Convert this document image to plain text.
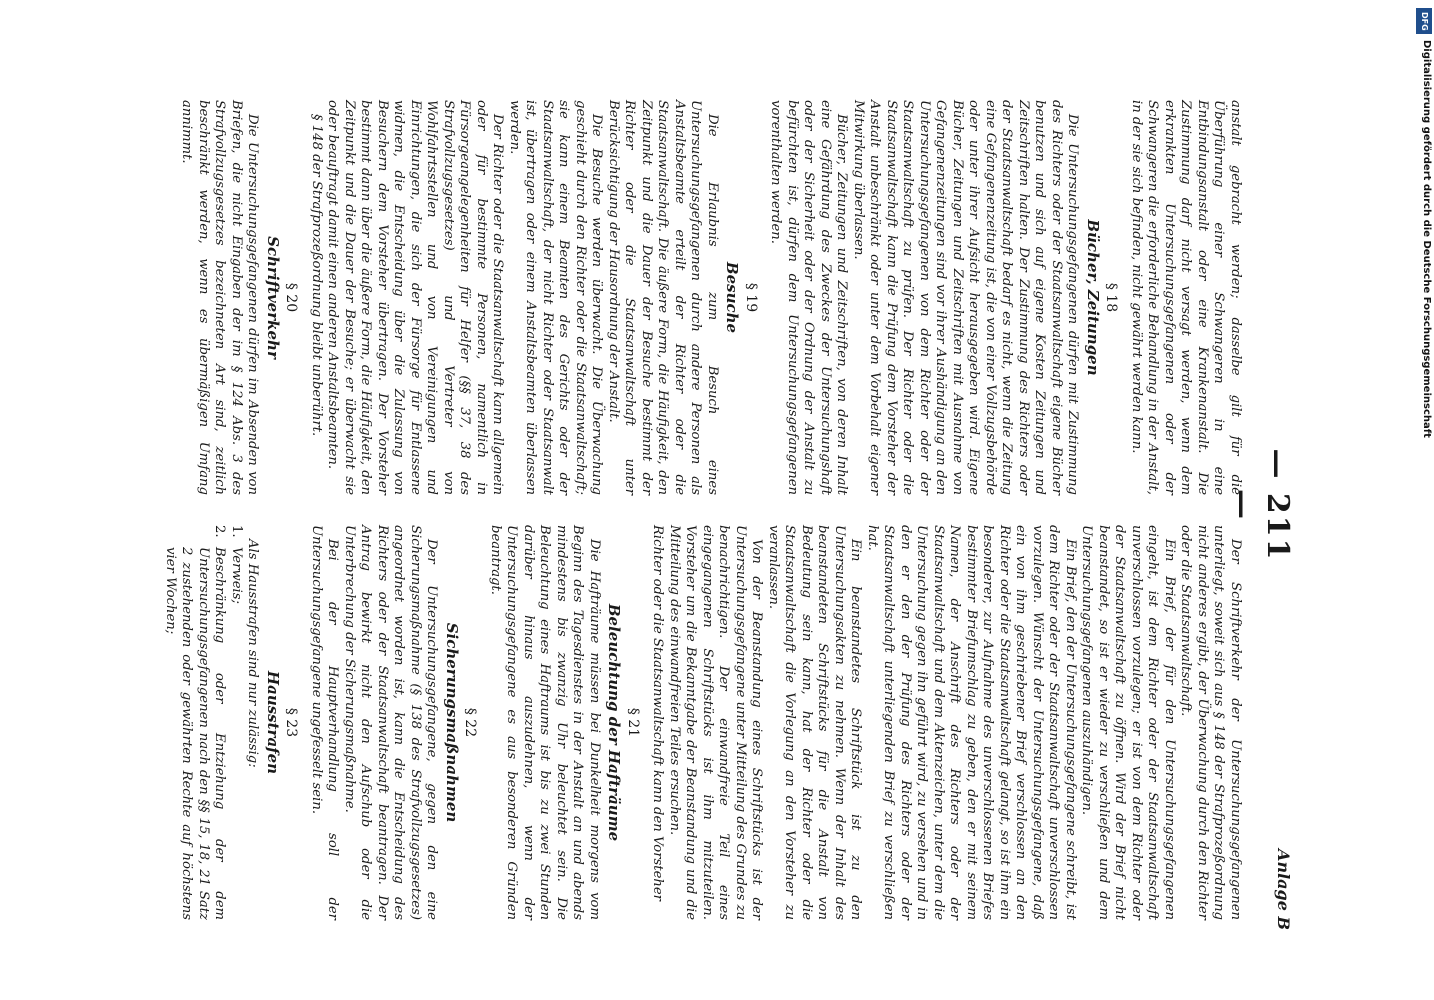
DFG
Digitalisierung gefördert durch die Deutsche Forschungsgemeinschaft
— 211 —
Anlage B

anstalt gebracht werden; dasselbe gilt für die Überführung einer Schwangeren in eine Entbindungsanstalt oder eine Krankenanstalt. Die Zustimmung darf nicht versagt werden, wenn dem erkrankten Untersuchungsgefangenen oder der Schwangeren die erforderliche Behandlung in der Anstalt, in der sie sich befinden, nicht gewährt werden kann.

§ 18
Bücher, Zeitungen

Die Untersuchungsgefangenen dürfen mit Zustimmung des Richters oder der Staatsanwaltschaft eigene Bücher benutzen und sich auf eigene Kosten Zeitungen und Zeitschriften halten. Der Zustimmung des Richters oder der Staatsanwaltschaft bedarf es nicht, wenn die Zeitung eine Gefangenenzeitung ist, die von einer Vollzugsbehörde oder unter ihrer Aufsicht herausgegeben wird. Eigene Bücher, Zeitungen und Zeitschriften mit Ausnahme von Gefangenenzeitungen sind vor ihrer Aushändigung an den Untersuchungsgefangenen von dem Richter oder der Staatsanwaltschaft zu prüfen. Der Richter oder die Staatsanwaltschaft kann die Prüfung dem Vorsteher der Anstalt unbeschränkt oder unter dem Vorbehalt eigener Mitwirkung überlassen.

Bücher, Zeitungen und Zeitschriften, von deren Inhalt eine Gefährdung des Zweckes der Untersuchungshaft oder der Sicherheit oder der Ordnung der Anstalt zu befürchten ist, dürfen dem Untersuchungsgefangenen vorenthalten werden.

§ 19
Besuche

Die Erlaubnis zum Besuch eines Untersuchungsgefangenen durch andere Personen als Anstaltsbeamte erteilt der Richter oder die Staatsanwaltschaft. Die äußere Form, die Häufigkeit, den Zeitpunkt und die Dauer der Besuche bestimmt der Richter oder die Staatsanwaltschaft unter Berücksichtigung der Hausordnung der Anstalt.

Die Besuche werden überwacht. Die Überwachung geschieht durch den Richter oder die Staatsanwaltschaft; sie kann einem Beamten des Gerichts oder der Staatsanwaltschaft, der nicht Richter oder Staatsanwalt ist, übertragen oder einem Anstaltsbeamten überlassen werden.

Der Richter oder die Staatsanwaltschaft kann allgemein oder für bestimmte Personen, namentlich in Fürsorgeangelegenheiten für Helfer (§§ 37, 38 des Strafvollzugsgesetzes) und Vertreter von Wohlfahrtsstellen und von Vereinigungen und Einrichtungen, die sich der Fürsorge für Entlassene widmen, die Entscheidung über die Zulassung von Besuchern dem Vorsteher übertragen. Der Vorsteher bestimmt dann über die äußere Form, die Häufigkeit, den Zeitpunkt und die Dauer der Besuche; er überwacht sie oder beauftragt damit einen anderen Anstaltsbeamten.

§ 148 der Strafprozeßordnung bleibt unberührt.

§ 20
Schriftverkehr

Die Untersuchungsgefangenen dürfen im Absenden von Briefen, die nicht Eingaben der im § 124 Abs. 3 des Strafvollzugsgesetzes bezeichneten Art sind, zeitlich beschränkt werden, wenn es übermäßigen Umfang annimmt.

Der Schriftverkehr der Untersuchungsgefangenen unterliegt, soweit sich aus § 148 der Strafprozeßordnung nicht anderes ergibt, der Überwachung durch den Richter oder die Staatsanwaltschaft.

Ein Brief, der für den Untersuchungsgefangenen eingeht, ist dem Richter oder der Staatsanwaltschaft unverschlossen vorzulegen; er ist von dem Richter oder der Staatsanwaltschaft zu öffnen. Wird der Brief nicht beanstandet, so ist er wieder zu verschließen und dem Untersuchungsgefangenen auszuhändigen.

Ein Brief, den der Untersuchungsgefangene schreibt, ist dem Richter oder der Staatsanwaltschaft unverschlossen vorzulegen. Wünscht der Untersuchungsgefangene, daß ein von ihm geschriebener Brief verschlossen an den Richter oder die Staatsanwaltschaft gelangt, so ist ihm ein besonderer, zur Aufnahme des unverschlossenen Briefes bestimmter Briefumschlag zu geben, den er mit seinem Namen, der Anschrift des Richters oder der Staatsanwaltschaft und dem Aktenzeichen, unter dem die Untersuchung gegen ihn geführt wird, zu versehen und in den er den der Prüfung des Richters oder der Staatsanwaltschaft unterliegenden Brief zu verschließen hat.

Ein beanstandetes Schriftstück ist zu den Untersuchungsakten zu nehmen. Wenn der Inhalt des beanstandeten Schriftstücks für die Anstalt von Bedeutung sein kann, hat der Richter oder die Staatsanwaltschaft die Vorlegung an den Vorsteher zu veranlassen.

Von der Beanstandung eines Schriftstücks ist der Untersuchungsgefangene unter Mitteilung des Grundes zu benachrichtigen. Der einwandfreie Teil eines eingegangenen Schriftstücks ist ihm mitzuteilen. Vorsteher um die Bekanntgabe der Beanstandung und die Mitteilung des einwandfreien Teiles ersuchen.

Richter oder die Staatsanwaltschaft kann den Vorsteher

§ 21
Beleuchtung der Hafträume

Die Hafträume müssen bei Dunkelheit morgens vom Beginn des Tagesdienstes in der Anstalt an und abends mindestens bis zwanzig Uhr beleuchtet sein. Die Beleuchtung eines Haftraums ist bis zu zwei Stunden darüber hinaus auszudehnen, wenn der Untersuchungsgefangene es aus besonderen Gründen beantragt.

§ 22
Sicherungsmaßnahmen

Der Untersuchungsgefangene, gegen den eine Sicherungsmaßnahme (§ 138 des Strafvollzugsgesetzes) angeordnet worden ist, kann die Entscheidung des Richters oder der Staatsanwaltschaft beantragen. Der Antrag bewirkt nicht den Aufschub oder die Unterbrechung der Sicherungsmaßnahme.

Bei der Hauptverhandlung soll der Untersuchungsgefangene ungefesselt sein.

§ 23
Hausstrafen

Als Hausstrafen sind nur zulässig:

1.
Verweis;
2.
Beschränkung oder Entziehung der dem Untersuchungsgefangenen nach den §§ 15, 18, 21 Satz 2 zustehenden oder gewährten Rechte auf höchstens vier Wochen;
